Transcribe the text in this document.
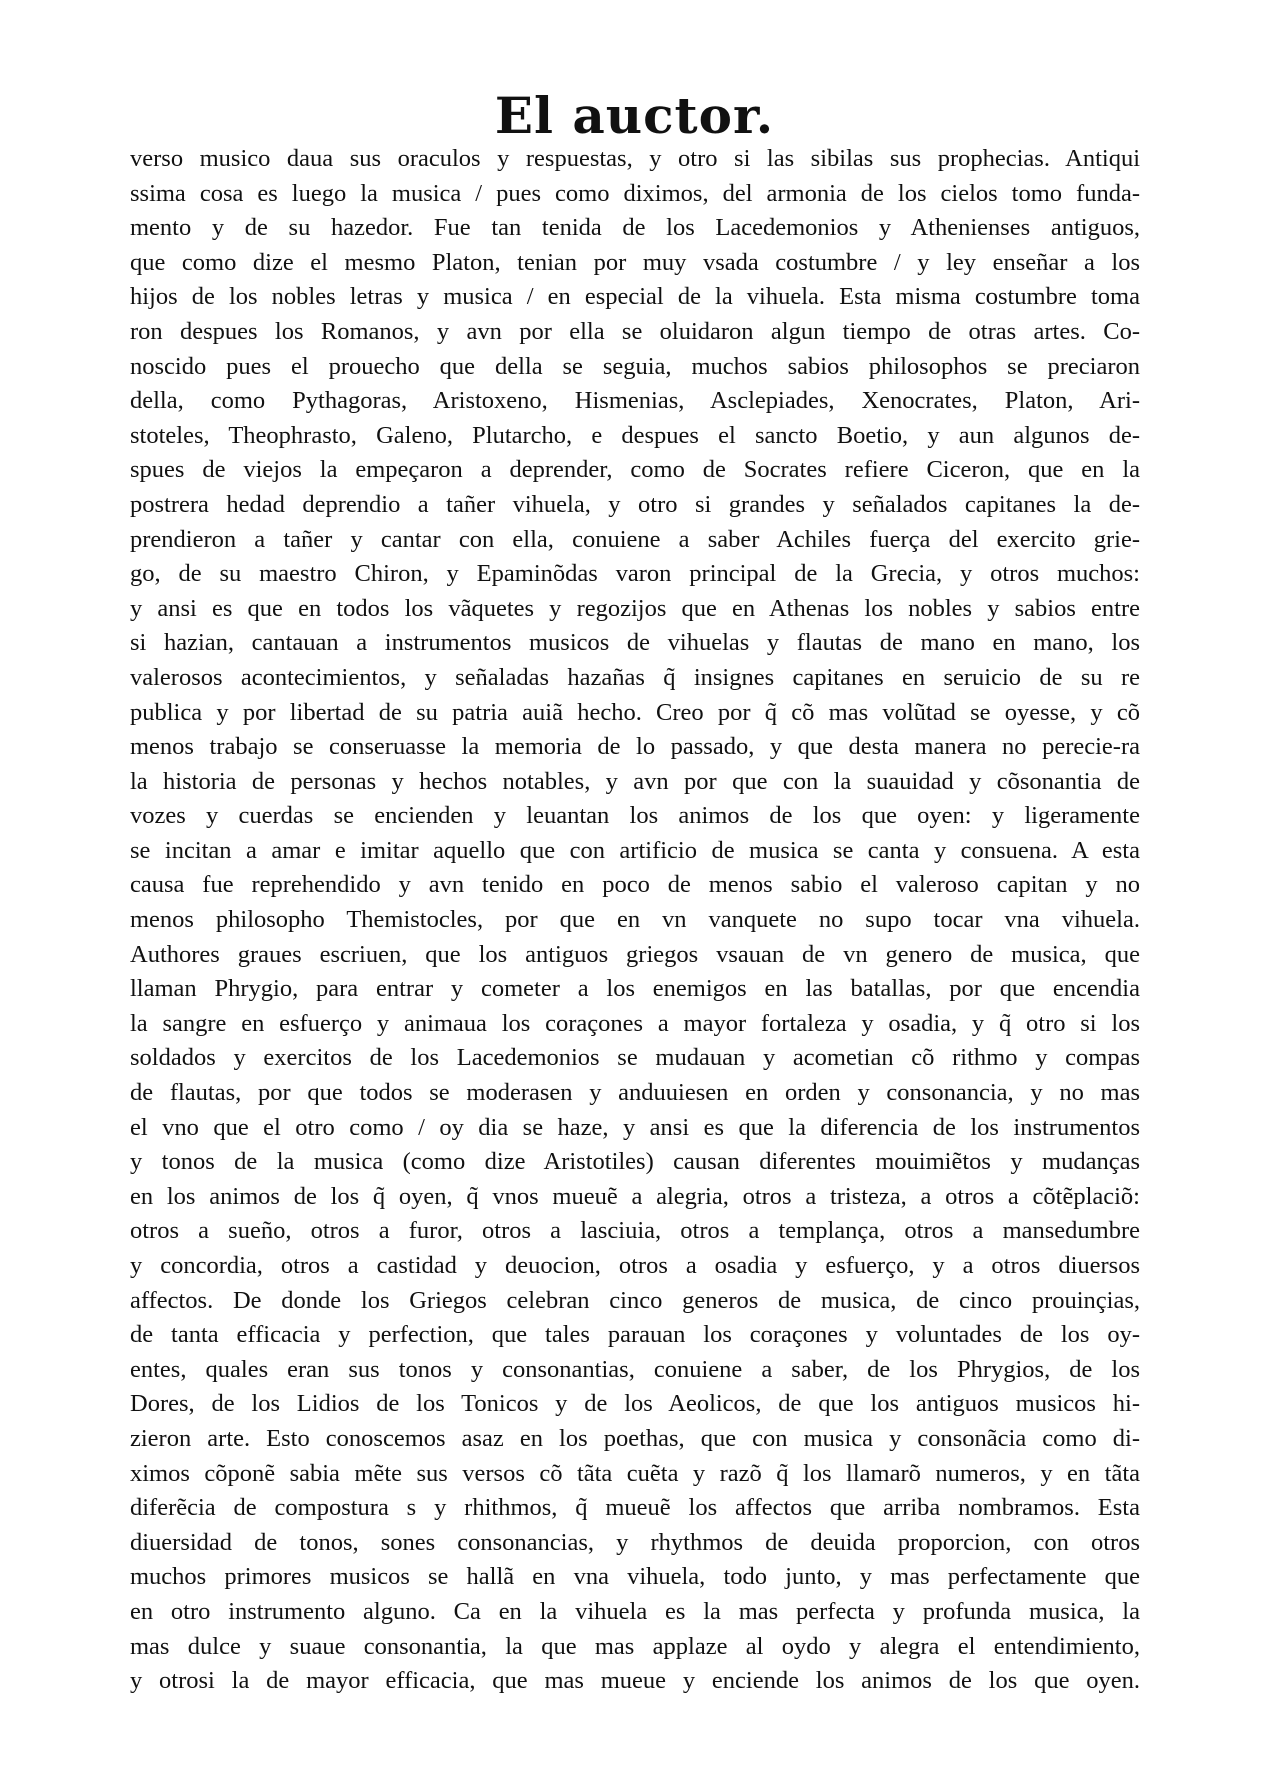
El auctor.
verso musico daua sus oraculos y respuestas, y otro si las sibilas sus prophecias. Antiqui
ssima cosa es luego la musica / pues como diximos, del armonia de los cielos tomo funda-
mento y de su hazedor. Fue tan tenida de los Lacedemonios y Athenienses antiguos,
que como dize el mesmo Platon, tenian por muy vsada costumbre / y ley enseñar a los
hijos de los nobles letras y musica / en especial de la vihuela. Esta misma costumbre toma
ron despues los Romanos, y avn por ella se oluidaron algun tiempo de otras artes. Co-
noscido pues el prouecho que della se seguia, muchos sabios philosophos se preciaron
della, como Pythagoras, Aristoxeno, Hismenias, Asclepiades, Xenocrates, Platon, Ari-
stoteles, Theophrasto, Galeno, Plutarcho, e despues el sancto Boetio, y aun algunos de-
spues de viejos la empeçaron a deprender, como de Socrates refiere Ciceron, que en la
postrera hedad deprendio a tañer vihuela, y otro si grandes y señalados capitanes la de-
prendieron a tañer y cantar con ella, conuiene a saber Achiles fuerça del exercito grie-
go, de su maestro Chiron, y Epaminõdas varon principal de la Grecia, y otros muchos:
y ansi es que en todos los vãquetes y regozijos que en Athenas los nobles y sabios entre
si hazian, cantauan a instrumentos musicos de vihuelas y flautas de mano en mano, los
valerosos acontecimientos, y señaladas hazañas q̃ insignes capitanes en seruicio de su re
publica y por libertad de su patria auiã hecho. Creo por q̃ cõ mas volũtad se oyesse, y cõ
menos trabajo se conseruasse la memoria de lo passado, y que desta manera no perecie-ra
la historia de personas y hechos notables, y avn por que con la suauidad y cõsonantia de
vozes y cuerdas se encienden y leuantan los animos de los que oyen: y ligeramente
se incitan a amar e imitar aquello que con artificio de musica se canta y consuena. A esta
causa fue reprehendido y avn tenido en poco de menos sabio el valeroso capitan y no
menos philosopho Themistocles, por que en vn vanquete no supo tocar vna vihuela.
Authores graues escriuen, que los antiguos griegos vsauan de vn genero de musica, que
llaman Phrygio, para entrar y cometer a los enemigos en las batallas, por que encendia
la sangre en esfuerço y animaua los coraçones a mayor fortaleza y osadia, y q̃ otro si los
soldados y exercitos de los Lacedemonios se mudauan y acometian cõ rithmo y compas
de flautas, por que todos se moderasen y anduuiesen en orden y consonancia, y no mas
el vno que el otro como / oy dia se haze, y ansi es que la diferencia de los instrumentos
y tonos de la musica (como dize Aristotiles) causan diferentes mouimiẽtos y mudanças
en los animos de los q̃ oyen, q̃ vnos mueuẽ a alegria, otros a tristeza, a otros a cõtẽplaciõ:
otros a sueño, otros a furor, otros a lasciuia, otros a templança, otros a mansedumbre
y concordia, otros a castidad y deuocion, otros a osadia y esfuerço, y a otros diuersos
affectos. De donde los Griegos celebran cinco generos de musica, de cinco prouinçias,
de tanta efficacia y perfection, que tales parauan los coraçones y voluntades de los oy-
entes, quales eran sus tonos y consonantias, conuiene a saber, de los Phrygios, de los
Dores, de los Lidios de los Tonicos y de los Aeolicos, de que los antiguos musicos hi-
zieron arte. Esto conoscemos asaz en los poethas, que con musica y consonãcia como di-
ximos cõponẽ sabia mẽte sus versos cõ tãta cuẽta y razõ q̃ los llamarõ numeros, y en tãta
diferẽcia de compostura s y rhithmos, q̃ mueuẽ los affectos que arriba nombramos. Esta
diuersidad de tonos, sones consonancias, y rhythmos de deuida proporcion, con otros
muchos primores musicos se hallã en vna vihuela, todo junto, y mas perfectamente que
en otro instrumento alguno. Ca en la vihuela es la mas perfecta y profunda musica, la
mas dulce y suaue consonantia, la que mas applaze al oydo y alegra el entendimiento,
y otrosi la de mayor efficacia, que mas mueue y enciende los animos de los que oyen.
